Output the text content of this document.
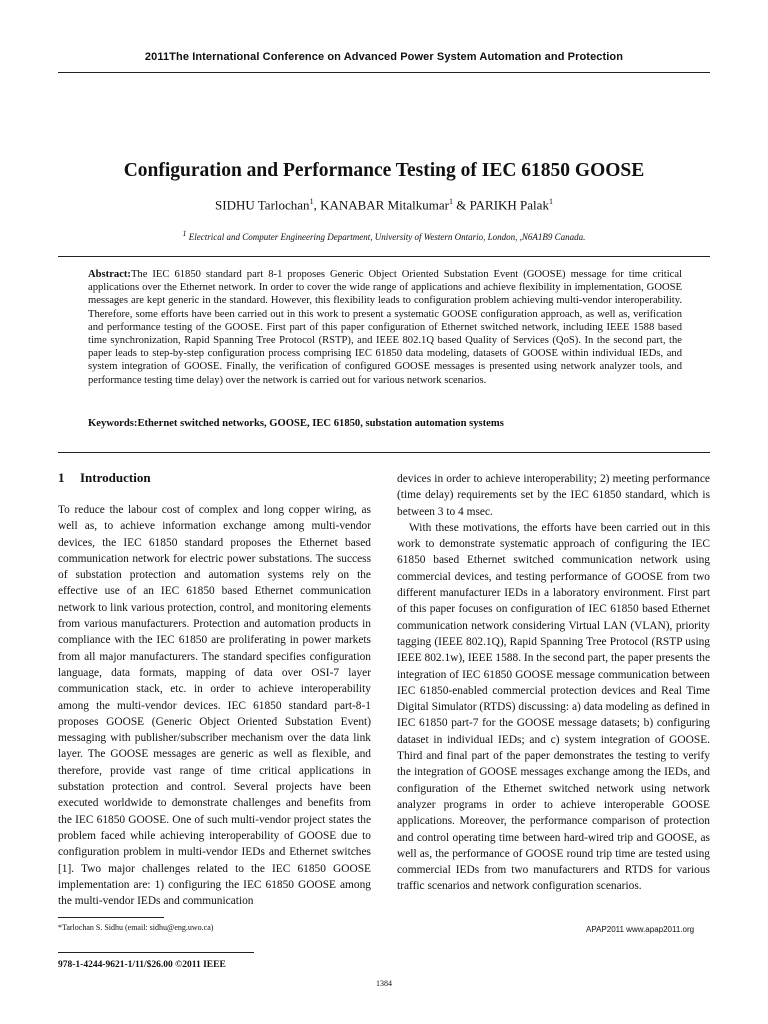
2011The International Conference on Advanced Power System Automation and Protection
Configuration and Performance Testing of IEC 61850 GOOSE
SIDHU Tarlochan$^1$, KANABAR Mitalkumar$^1$ & PARIKH Palak$^1$
$^1$ Electrical and Computer Engineering Department, University of Western Ontario, London, ,N6A1B9 Canada.
Abstract:The IEC 61850 standard part 8-1 proposes Generic Object Oriented Substation Event (GOOSE) message for time critical applications over the Ethernet network. In order to cover the wide range of applications and achieve flexibility in implementation, GOOSE messages are kept generic in the standard. However, this flexibility leads to configuration problem achieving multi-vendor interoperability. Therefore, some efforts have been carried out in this work to present a systematic GOOSE configuration approach, as well as, verification and performance testing of the GOOSE. First part of this paper configuration of Ethernet switched network, including IEEE 1588 based time synchronization, Rapid Spanning Tree Protocol (RSTP), and IEEE 802.1Q based Quality of Services (QoS). In the second part, the paper leads to step-by-step configuration process comprising IEC 61850 data modeling, datasets of GOOSE within individual IEDs, and system integration of GOOSE. Finally, the verification of configured GOOSE messages is presented using network analyzer tools, and performance testing time delay) over the network is carried out for various network scenarios.
Keywords:Ethernet switched networks, GOOSE, IEC 61850, substation automation systems
1 Introduction

To reduce the labour cost of complex and long copper wiring, as well as, to achieve information exchange among multi-vendor devices, the IEC 61850 standard proposes the Ethernet based communication network for electric power substations. The success of substation protection and automation systems rely on the effective use of an IEC 61850 based Ethernet communication network to link various protection, control, and monitoring elements from various manufacturers. Protection and automation products in compliance with the IEC 61850 are proliferating in power markets from all major manufacturers. The standard specifies configuration language, data formats, mapping of data over OSI-7 layer communication stack, etc. in order to achieve interoperability among the multi-vendor devices. IEC 61850 standard part-8-1 proposes GOOSE (Generic Object Oriented Substation Event) messaging with publisher/subscriber mechanism over the data link layer. The GOOSE messages are generic as well as flexible, and therefore, provide vast range of time critical applications in substation protection and control. Several projects have been executed worldwide to demonstrate challenges and benefits from the IEC 61850 GOOSE. One of such multi-vendor project states the problem faced while achieving interoperability of GOOSE due to configuration problem in multi-vendor IEDs and Ethernet switches [1]. Two major challenges related to the IEC 61850 GOOSE implementation are: 1) configuring the IEC 61850 GOOSE among the multi-vendor IEDs and communication

devices in order to achieve interoperability; 2) meeting performance (time delay) requirements set by the IEC 61850 standard, which is between 3 to 4 msec.

With these motivations, the efforts have been carried out in this work to demonstrate systematic approach of configuring the IEC 61850 based Ethernet switched communication network using commercial devices, and testing performance of GOOSE from two different manufacturer IEDs in a laboratory environment. First part of this paper focuses on configuration of IEC 61850 based Ethernet communication network considering Virtual LAN (VLAN), priority tagging (IEEE 802.1Q), Rapid Spanning Tree Protocol (RSTP using IEEE 802.1w), IEEE 1588. In the second part, the paper presents the integration of IEC 61850 GOOSE message communication between IEC 61850-enabled commercial protection devices and Real Time Digital Simulator (RTDS) discussing: a) data modeling as defined in IEC 61850 part-7 for the GOOSE message datasets; b) configuring dataset in individual IEDs; and c) system integration of GOOSE. Third and final part of the paper demonstrates the testing to verify the integration of GOOSE messages exchange among the IEDs, and configuration of the Ethernet switched network using network analyzer programs in order to achieve interoperable GOOSE applications. Moreover, the performance comparison of protection and control operating time between hard-wired trip and GOOSE, as well as, the performance of GOOSE round trip time are tested using commercial IEDs from two manufacturers and RTDS for various traffic scenarios and network configuration scenarios.

*Tarlochan S. Sidhu (email: sidhu@eng.uwo.ca)	APAP2011 www.apap2011.org
978-1-4244-9621-1/11/$26.00 ©2011 IEEE
1384
